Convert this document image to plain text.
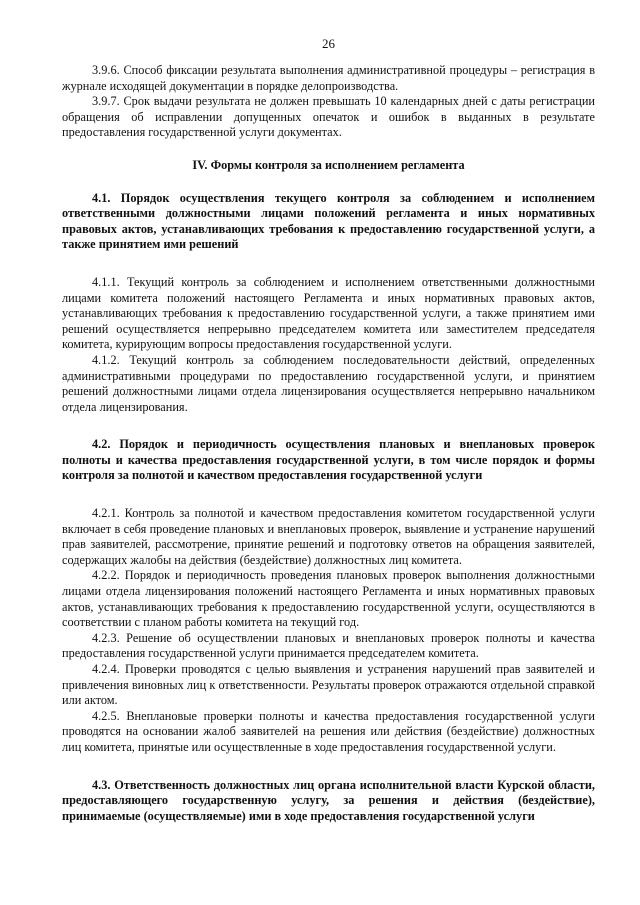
26

3.9.6. Способ фиксации результата выполнения административной процедуры – регистрация в журнале исходящей документации в порядке делопроизводства.

3.9.7. Срок выдачи результата не должен превышать 10 календарных дней с даты регистрации обращения об исправлении допущенных опечаток и ошибок в выданных в результате предоставления государственной услуги документах.

IV. Формы контроля за исполнением регламента
4.1. Порядок осуществления текущего контроля за соблюдением и исполнением ответственными должностными лицами положений регламента и иных нормативных правовых актов, устанавливающих требования к предоставлению государственной услуги, а также принятием ими решений

4.1.1. Текущий контроль за соблюдением и исполнением ответственными должностными лицами комитета положений настоящего Регламента и иных нормативных правовых актов, устанавливающих требования к предоставлению государственной услуги, а также принятием ими решений осуществляется непрерывно председателем комитета или заместителем председателя комитета, курирующим вопросы предоставления государственной услуги.

4.1.2. Текущий контроль за соблюдением последовательности действий, определенных административными процедурами по предоставлению государственной услуги, и принятием решений должностными лицами отдела лицензирования осуществляется непрерывно начальником отдела лицензирования.

4.2. Порядок и периодичность осуществления плановых и внеплановых проверок полноты и качества предоставления государственной услуги, в том числе порядок и формы контроля за полнотой и качеством предоставления государственной услуги

4.2.1. Контроль за полнотой и качеством предоставления комитетом государственной услуги включает в себя проведение плановых и внеплановых проверок, выявление и устранение нарушений прав заявителей, рассмотрение, принятие решений и подготовку ответов на обращения заявителей, содержащих жалобы на действия (бездействие) должностных лиц комитета.

4.2.2. Порядок и периодичность проведения плановых проверок выполнения должностными лицами отдела лицензирования положений настоящего Регламента и иных нормативных правовых актов, устанавливающих требования к предоставлению государственной услуги, осуществляются в соответствии с планом работы комитета на текущий год.

4.2.3. Решение об осуществлении плановых и внеплановых проверок полноты и качества предоставления государственной услуги принимается председателем комитета.

4.2.4. Проверки проводятся с целью выявления и устранения нарушений прав заявителей и привлечения виновных лиц к ответственности. Результаты проверок отражаются отдельной справкой или актом.

4.2.5. Внеплановые проверки полноты и качества предоставления государственной услуги проводятся на основании жалоб заявителей на решения или действия (бездействие) должностных лиц комитета, принятые или осуществленные в ходе предоставления государственной услуги.

4.3. Ответственность должностных лиц органа исполнительной власти Курской области, предоставляющего государственную услугу, за решения и действия (бездействие), принимаемые (осуществляемые) ими в ходе предоставления государственной услуги
